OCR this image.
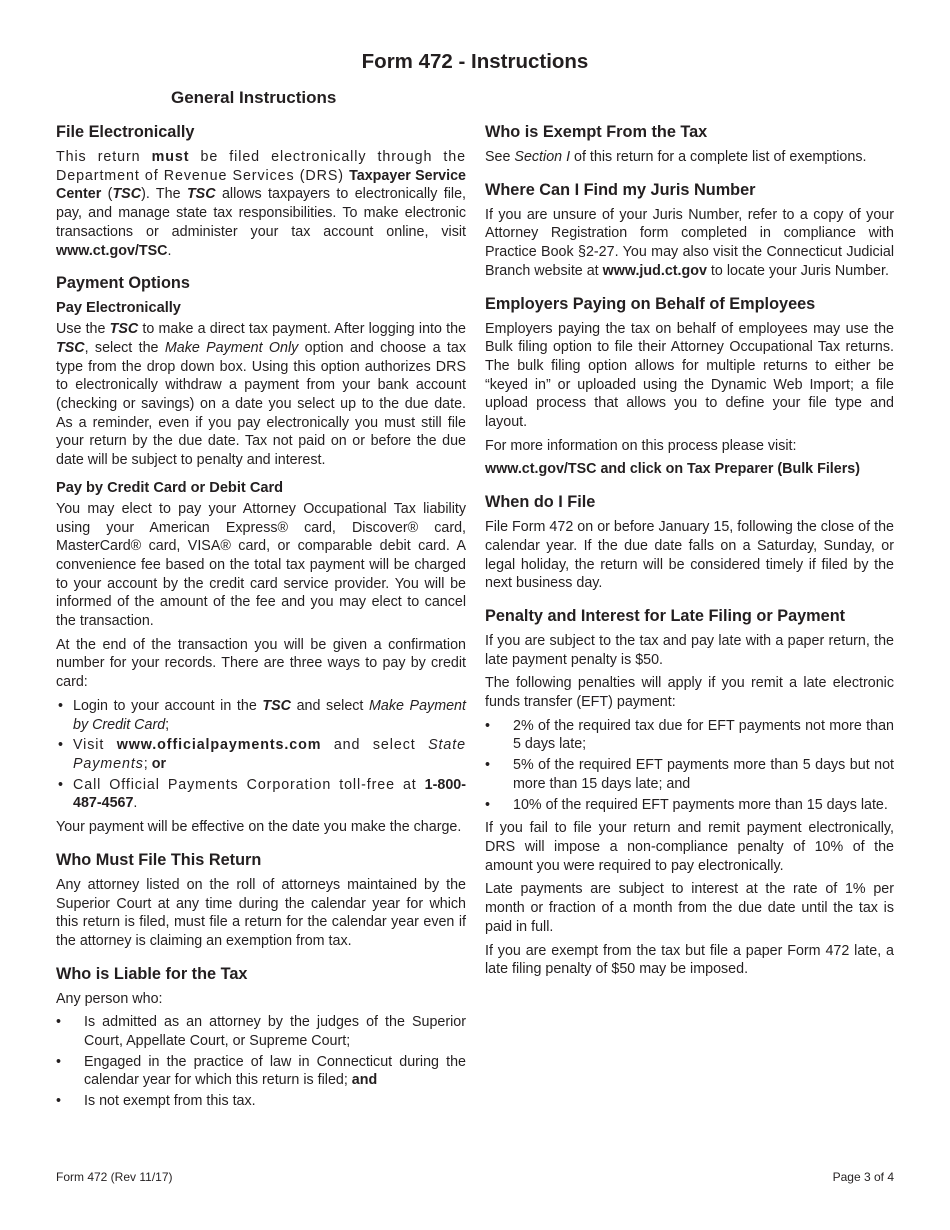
Form 472 - Instructions
General Instructions
File Electronically

This return must be filed electronically through the Department of Revenue Services (DRS) Taxpayer Service Center (TSC). The TSC allows taxpayers to electronically file, pay, and manage state tax responsibilities. To make electronic transactions or administer your tax account online, visit www.ct.gov/TSC.

Payment Options
Pay Electronically

Use the TSC to make a direct tax payment. After logging into the TSC, select the Make Payment Only option and choose a tax type from the drop down box. Using this option authorizes DRS to electronically withdraw a payment from your bank account (checking or savings) on a date you select up to the due date. As a reminder, even if you pay electronically you must still file your return by the due date. Tax not paid on or before the due date will be subject to penalty and interest.

Pay by Credit Card or Debit Card

You may elect to pay your Attorney Occupational Tax liability using your American Express® card, Discover® card, MasterCard® card, VISA® card, or comparable debit card. A convenience fee based on the total tax payment will be charged to your account by the credit card service provider. You will be informed of the amount of the fee and you may elect to cancel the transaction.

At the end of the transaction you will be given a confirmation number for your records. There are three ways to pay by credit card:

• Login to your account in the TSC and select Make Payment by Credit Card;
• Visit www.officialpayments.com and select State Payments; or
• Call Official Payments Corporation toll-free at 1-800-487-4567.

Your payment will be effective on the date you make the charge.

Who Must File This Return

Any attorney listed on the roll of attorneys maintained by the Superior Court at any time during the calendar year for which this return is filed, must file a return for the calendar year even if the attorney is claiming an exemption from tax.

Who is Liable for the Tax

Any person who:

• Is admitted as an attorney by the judges of the Superior Court, Appellate Court, or Supreme Court;
• Engaged in the practice of law in Connecticut during the calendar year for which this return is filed; and
• Is not exempt from this tax.
Who is Exempt From the Tax

See Section I of this return for a complete list of exemptions.

Where Can I Find my Juris Number

If you are unsure of your Juris Number, refer to a copy of your Attorney Registration form completed in compliance with Practice Book §2-27. You may also visit the Connecticut Judicial Branch website at www.jud.ct.gov to locate your Juris Number.

Employers Paying on Behalf of Employees

Employers paying the tax on behalf of employees may use the Bulk filing option to file their Attorney Occupational Tax returns. The bulk filing option allows for multiple returns to either be “keyed in” or uploaded using the Dynamic Web Import; a file upload process that allows you to define your file type and layout.

For more information on this process please visit:

www.ct.gov/TSC and click on Tax Preparer (Bulk Filers)

When do I File

File Form 472 on or before January 15, following the close of the calendar year. If the due date falls on a Saturday, Sunday, or legal holiday, the return will be considered timely if filed by the next business day.

Penalty and Interest for Late Filing or Payment

If you are subject to the tax and pay late with a paper return, the late payment penalty is $50.

The following penalties will apply if you remit a late electronic funds transfer (EFT) payment:

• 2% of the required tax due for EFT payments not more than 5 days late;
• 5% of the required EFT payments more than 5 days but not more than 15 days late; and
• 10% of the required EFT payments more than 15 days late.

If you fail to file your return and remit payment electronically, DRS will impose a non-compliance penalty of 10% of the amount you were required to pay electronically.

Late payments are subject to interest at the rate of 1% per month or fraction of a month from the due date until the tax is paid in full.

If you are exempt from the tax but file a paper Form 472 late, a late filing penalty of $50 may be imposed.

Form 472 (Rev 11/17)	Page 3 of 4
